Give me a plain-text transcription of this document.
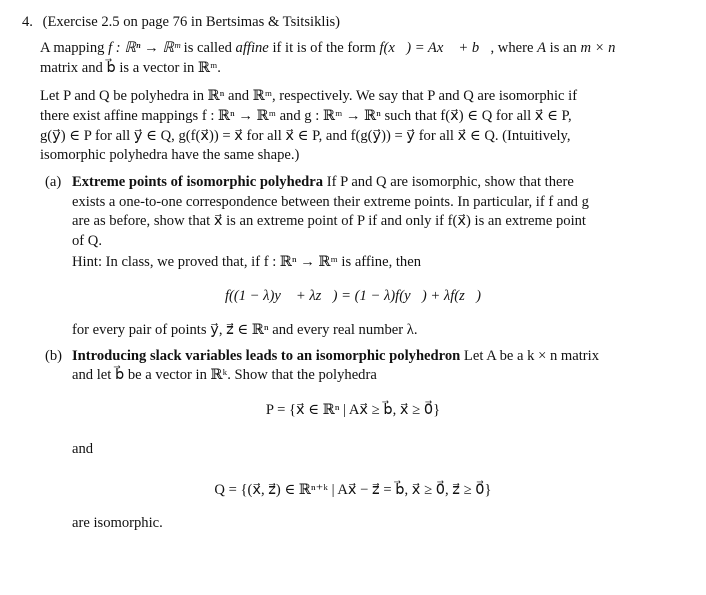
4. (Exercise 2.5 on page 76 in Bertsimas & Tsitsiklis)
A mapping f : ℝⁿ → ℝᵐ is called affine if it is of the form f(x⃗) = Ax⃗ + b⃗, where A is an m × n
matrix and b⃗ is a vector in ℝᵐ.
Let P and Q be polyhedra in ℝⁿ and ℝᵐ, respectively. We say that P and Q are isomorphic if
there exist affine mappings f : ℝⁿ → ℝᵐ and g : ℝᵐ → ℝⁿ such that f(x⃗) ∈ Q for all x⃗ ∈ P,
g(y⃗) ∈ P for all y⃗ ∈ Q, g(f(x⃗)) = x⃗ for all x⃗ ∈ P, and f(g(y⃗)) = y⃗ for all x⃗ ∈ Q. (Intuitively,
isomorphic polyhedra have the same shape.)
(a) Extreme points of isomorphic polyhedra If P and Q are isomorphic, show that there
exists a one-to-one correspondence between their extreme points. In particular, if f and g
are as before, show that x⃗ is an extreme point of P if and only if f(x⃗) is an extreme point
of Q.
Hint: In class, we proved that, if f : ℝⁿ → ℝᵐ is affine, then
f((1 − λ)y⃗ + λz⃗) = (1 − λ)f(y⃗) + λf(z⃗)
for every pair of points y⃗, z⃗ ∈ ℝⁿ and every real number λ.
(b) Introducing slack variables leads to an isomorphic polyhedron Let A be a k × n matrix
and let b⃗ be a vector in ℝᵏ. Show that the polyhedra
P = {x⃗ ∈ ℝⁿ | Ax⃗ ≥ b⃗, x⃗ ≥ 0⃗}
and
Q = {(x⃗, z⃗) ∈ ℝⁿ⁺ᵏ | Ax⃗ − z⃗ = b⃗, x⃗ ≥ 0⃗, z⃗ ≥ 0⃗}
are isomorphic.
